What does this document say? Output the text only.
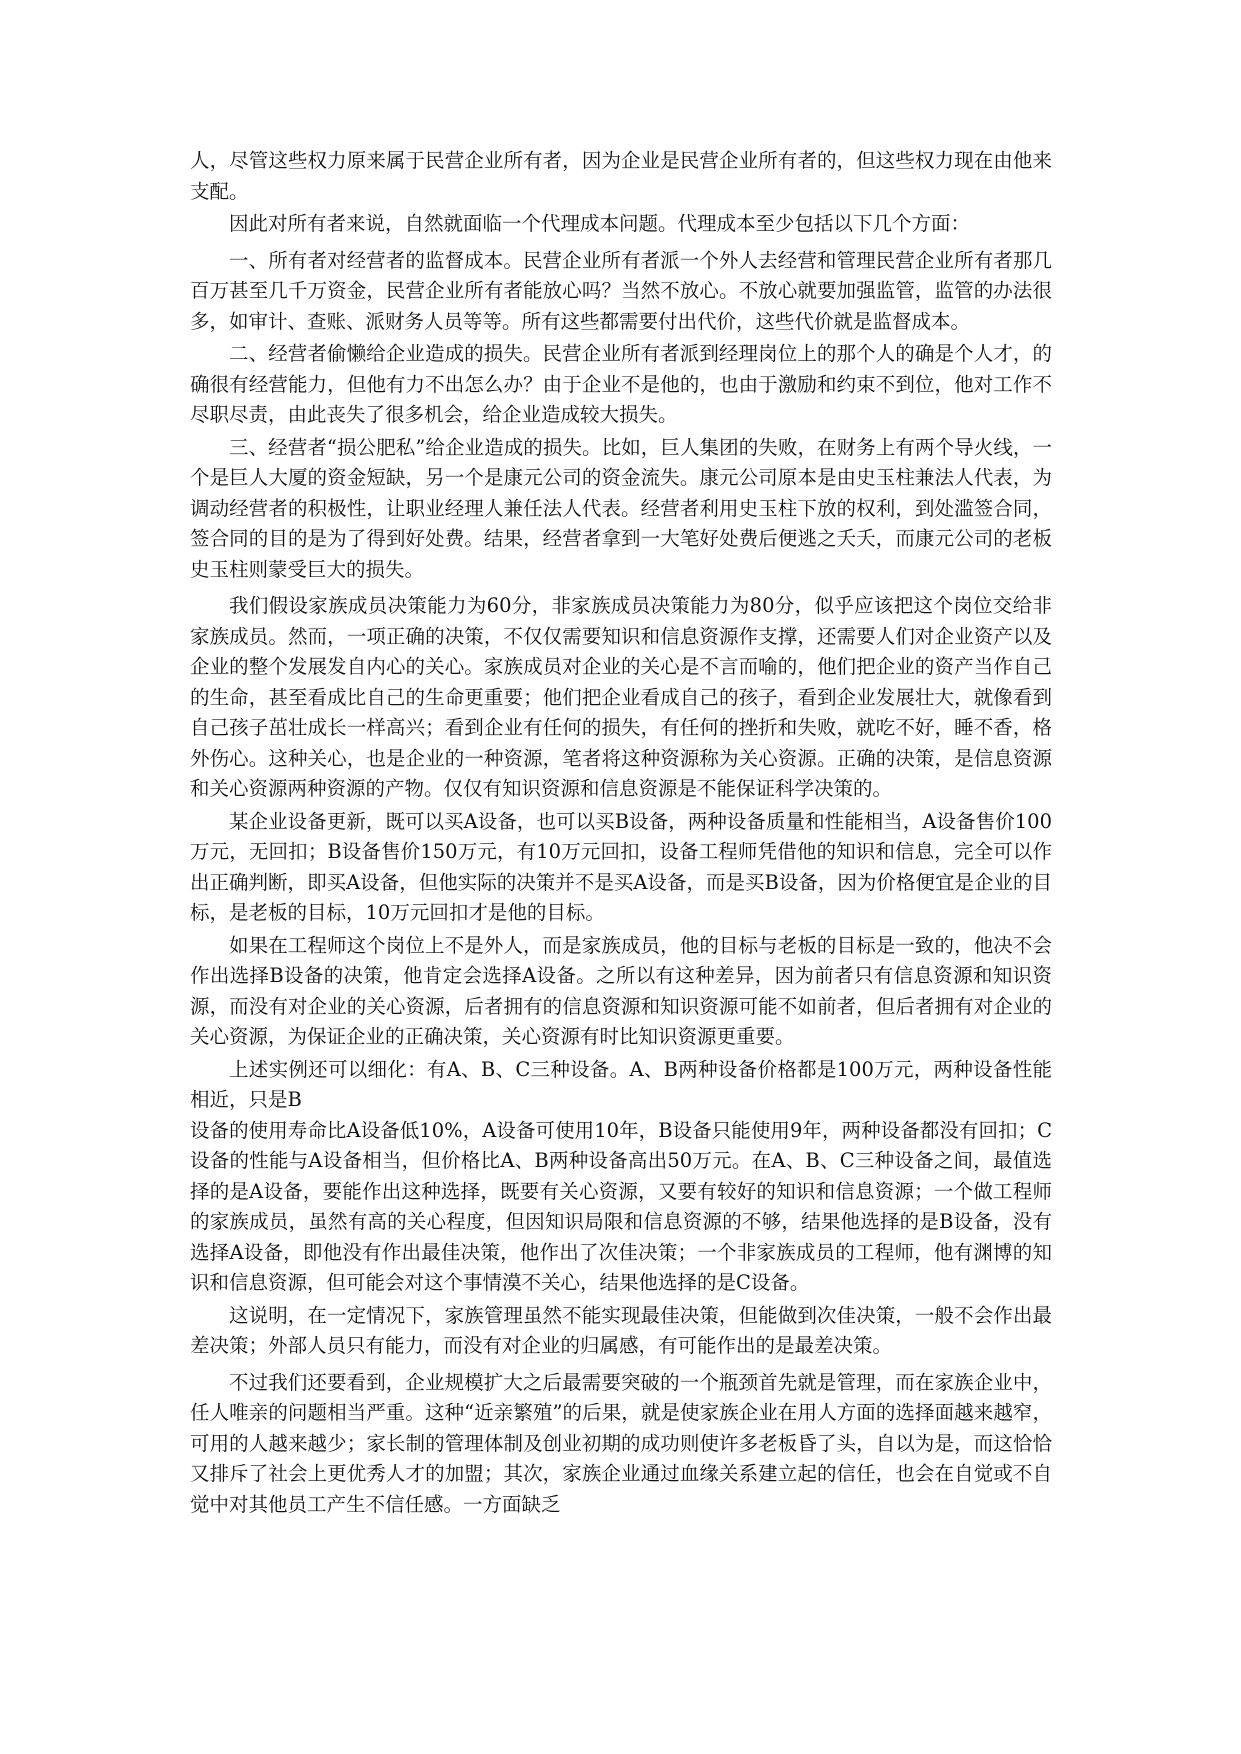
人，尽管这些权力原来属于民营企业所有者，因为企业是民营企业所有者的，但这些权力现在由他来支配。

因此对所有者来说，自然就面临一个代理成本问题。代理成本至少包括以下几个方面：

一、所有者对经营者的监督成本。民营企业所有者派一个外人去经营和管理民营企业所有者那几百万甚至几千万资金，民营企业所有者能放心吗？当然不放心。不放心就要加强监管，监管的办法很多，如审计、查账、派财务人员等等。所有这些都需要付出代价，这些代价就是监督成本。

二、经营者偷懒给企业造成的损失。民营企业所有者派到经理岗位上的那个人的确是个人才，的确很有经营能力，但他有力不出怎么办？由于企业不是他的，也由于激励和约束不到位，他对工作不尽职尽责，由此丧失了很多机会，给企业造成较大损失。

三、经营者“损公肥私”给企业造成的损失。比如，巨人集团的失败，在财务上有两个导火线，一个是巨人大厦的资金短缺，另一个是康元公司的资金流失。康元公司原本是由史玉柱兼法人代表，为调动经营者的积极性，让职业经理人兼任法人代表。经营者利用史玉柱下放的权利，到处滥签合同，签合同的目的是为了得到好处费。结果，经营者拿到一大笔好处费后便逃之夭夭，而康元公司的老板史玉柱则蒙受巨大的损失。

我们假设家族成员决策能力为60分，非家族成员决策能力为80分，似乎应该把这个岗位交给非家族成员。然而，一项正确的决策，不仅仅需要知识和信息资源作支撑，还需要人们对企业资产以及企业的整个发展发自内心的关心。家族成员对企业的关心是不言而喻的，他们把企业的资产当作自己的生命，甚至看成比自己的生命更重要；他们把企业看成自己的孩子，看到企业发展壮大，就像看到自己孩子茁壮成长一样高兴；看到企业有任何的损失，有任何的挫折和失败，就吃不好，睡不香，格外伤心。这种关心，也是企业的一种资源，笔者将这种资源称为关心资源。正确的决策，是信息资源和关心资源两种资源的产物。仅仅有知识资源和信息资源是不能保证科学决策的。

某企业设备更新，既可以买A设备，也可以买B设备，两种设备质量和性能相当，A设备售价100万元，无回扣；B设备售价150万元，有10万元回扣，设备工程师凭借他的知识和信息，完全可以作出正确判断，即买A设备，但他实际的决策并不是买A设备，而是买B设备，因为价格便宜是企业的目标，是老板的目标，10万元回扣才是他的目标。

如果在工程师这个岗位上不是外人，而是家族成员，他的目标与老板的目标是一致的，他决不会作出选择B设备的决策，他肯定会选择A设备。之所以有这种差异，因为前者只有信息资源和知识资源，而没有对企业的关心资源，后者拥有的信息资源和知识资源可能不如前者，但后者拥有对企业的关心资源，为保证企业的正确决策，关心资源有时比知识资源更重要。

上述实例还可以细化：有A、B、C三种设备。A、B两种设备价格都是100万元，两种设备性能相近，只是B

设备的使用寿命比A设备低10%，A设备可使用10年，B设备只能使用9年，两种设备都没有回扣；C设备的性能与A设备相当，但价格比A、B两种设备高出50万元。在A、B、C三种设备之间，最值选择的是A设备，要能作出这种选择，既要有关心资源，又要有较好的知识和信息资源；一个做工程师的家族成员，虽然有高的关心程度，但因知识局限和信息资源的不够，结果他选择的是B设备，没有选择A设备，即他没有作出最佳决策，他作出了次佳决策；一个非家族成员的工程师，他有渊博的知识和信息资源，但可能会对这个事情漠不关心，结果他选择的是C设备。

这说明，在一定情况下，家族管理虽然不能实现最佳决策，但能做到次佳决策，一般不会作出最差决策；外部人员只有能力，而没有对企业的归属感，有可能作出的是最差决策。

不过我们还要看到，企业规模扩大之后最需要突破的一个瓶颈首先就是管理，而在家族企业中，任人唯亲的问题相当严重。这种“近亲繁殖”的后果，就是使家族企业在用人方面的选择面越来越窄，可用的人越来越少；家长制的管理体制及创业初期的成功则使许多老板昏了头，自以为是，而这恰恰又排斥了社会上更优秀人才的加盟；其次，家族企业通过血缘关系建立起的信任，也会在自觉或不自觉中对其他员工产生不信任感。一方面缺乏
